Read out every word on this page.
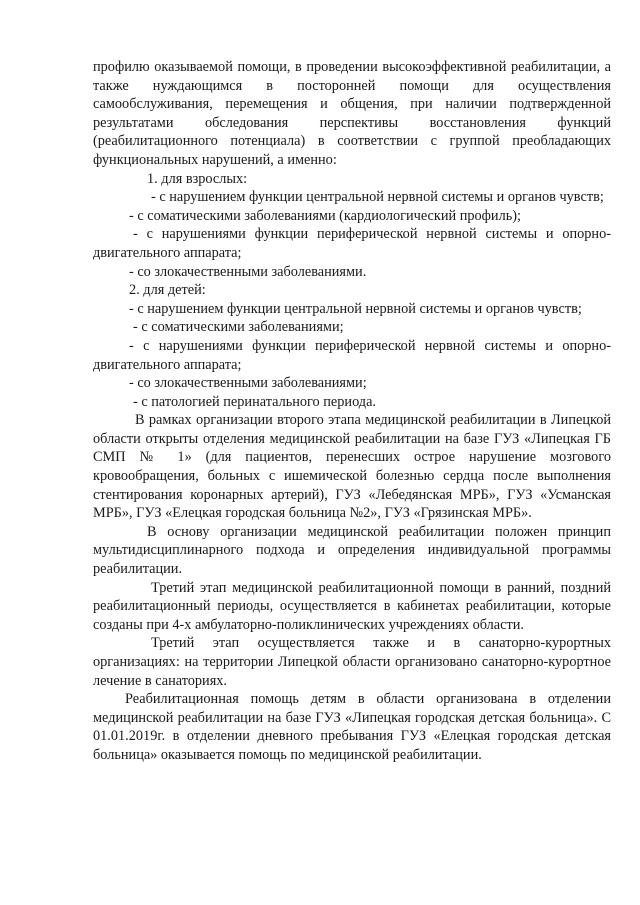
профилю оказываемой помощи, в проведении высокоэффективной реабилитации, а также нуждающимся в посторонней помощи для осуществления самообслуживания, перемещения и общения, при наличии подтвержденной результатами обследования перспективы восстановления функций (реабилитационного потенциала) в соответствии с группой преобладающих функциональных нарушений, а именно:

1. для взрослых:

- с нарушением функции центральной нервной системы и органов чувств;

- с соматическими заболеваниями (кардиологический профиль);

- с нарушениями функции периферической нервной системы и опорно-двигательного аппарата;

- со злокачественными заболеваниями.

2. для детей:

- с нарушением функции центральной нервной системы и органов чувств;

- с соматическими заболеваниями;

- с нарушениями функции периферической нервной системы и опорно-двигательного аппарата;

- со злокачественными заболеваниями;

- с патологией перинатального периода.

В рамках организации второго этапа медицинской реабилитации в Липецкой области открыты отделения медицинской реабилитации на базе ГУЗ «Липецкая ГБ СМП № 1» (для пациентов, перенесших острое нарушение мозгового кровообращения, больных с ишемической болезнью сердца после выполнения стентирования коронарных артерий), ГУЗ «Лебедянская МРБ», ГУЗ «Усманская МРБ», ГУЗ «Елецкая городская больница №2», ГУЗ «Грязинская МРБ».

В основу организации медицинской реабилитации положен принцип мультидисциплинарного подхода и определения индивидуальной программы реабилитации.

Третий этап медицинской реабилитационной помощи в ранний, поздний реабилитационный периоды, осуществляется в кабинетах реабилитации, которые созданы при 4-х амбулаторно-поликлинических учреждениях области.

Третий этап осуществляется также и в санаторно-курортных организациях: на территории Липецкой области организовано санаторно-курортное лечение в санаториях.

Реабилитационная помощь детям в области организована в отделении медицинской реабилитации на базе ГУЗ «Липецкая городская детская больница». С 01.01.2019г. в отделении дневного пребывания ГУЗ «Елецкая городская детская больница» оказывается помощь по медицинской реабилитации.
